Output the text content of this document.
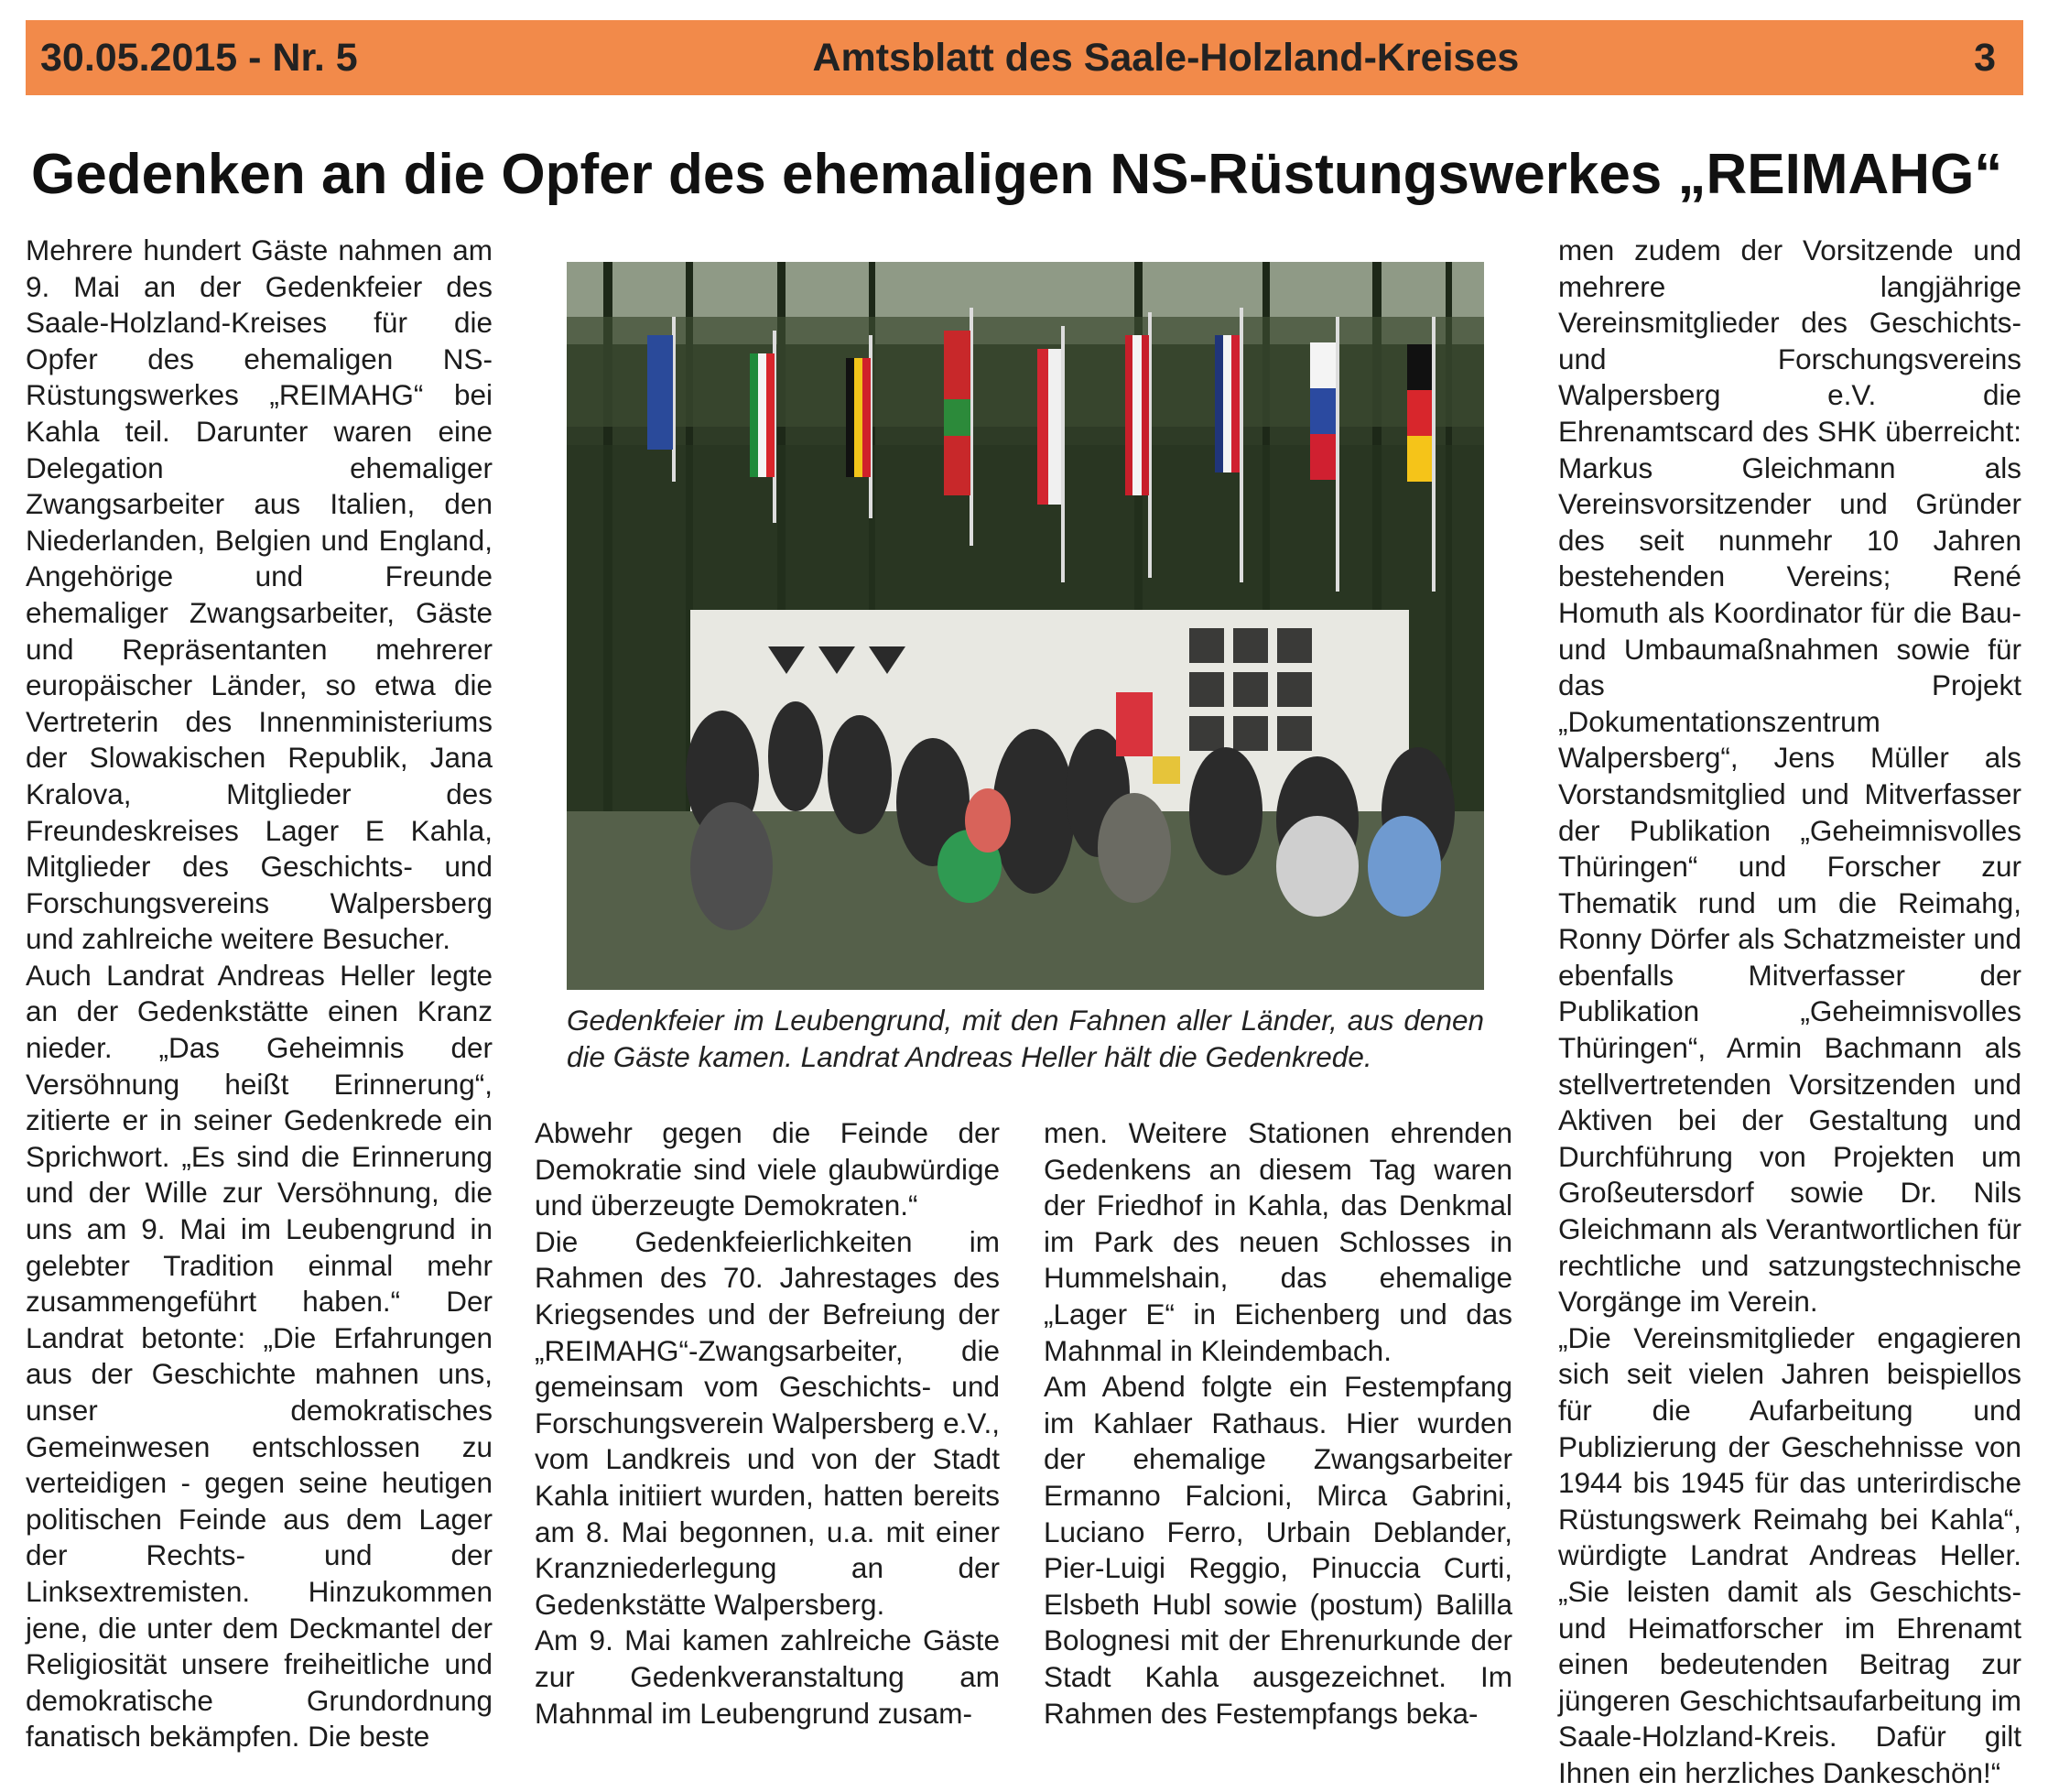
30.05.2015 - Nr. 5	Amtsblatt des Saale-Holzland-Kreises	3
Gedenken an die Opfer des ehemaligen NS-Rüstungswerkes „REIMAHG“

Mehrere hundert Gäste nahmen am 9. Mai an der Gedenkfeier des Saale-Holzland-Kreises für die Opfer des ehemaligen NS-Rüstungswerkes „REIMAHG“ bei Kahla teil. Darunter waren eine Delegation ehemaliger Zwangsarbeiter aus Italien, den Niederlanden, Belgien und England, Angehörige und Freunde ehemaliger Zwangsarbeiter, Gäste und Repräsentanten mehrerer europäischer Länder, so etwa die Vertreterin des Innenministeriums der Slowakischen Republik, Jana Kralova, Mitglieder des Freundeskreises Lager E Kahla, Mitglieder des Geschichts- und Forschungsvereins Walpersberg und zahlreiche weitere Besucher.

Auch Landrat Andreas Heller legte an der Gedenkstätte einen Kranz nieder. „Das Geheimnis der Versöhnung heißt Erinnerung“, zitierte er in seiner Gedenkrede ein Sprichwort. „Es sind die Erinnerung und der Wille zur Versöhnung, die uns am 9. Mai im Leubengrund in gelebter Tradition einmal mehr zusammengeführt haben.“ Der Landrat betonte: „Die Erfahrungen aus der Geschichte mahnen uns, unser demokratisches Gemeinwesen entschlossen zu verteidigen - gegen seine heutigen politischen Feinde aus dem Lager der Rechts- und der Linksextremisten. Hinzukommen jene, die unter dem Deckmantel der Religiosität unsere freiheitliche und demokratische Grundordnung fanatisch bekämpfen. Die beste

Gedenkfeier im Leubengrund, mit den Fahnen aller Länder, aus denen die Gäste kamen. Landrat Andreas Heller hält die Gedenkrede.

Abwehr gegen die Feinde der Demokratie sind viele glaubwürdige und überzeugte Demokraten.“

Die Gedenkfeierlichkeiten im Rahmen des 70. Jahrestages des Kriegsendes und der Befreiung der „REIMAHG“-Zwangsarbeiter, die gemeinsam vom Geschichts- und Forschungsverein Walpersberg e.V., vom Landkreis und von der Stadt Kahla initiiert wurden, hatten bereits am 8. Mai begonnen, u.a. mit einer Kranzniederlegung an der Gedenkstätte Walpersberg.

Am 9. Mai kamen zahlreiche Gäste zur Gedenkveranstaltung am Mahnmal im Leubengrund zusam-

men. Weitere Stationen ehrenden Gedenkens an diesem Tag waren der Friedhof in Kahla, das Denkmal im Park des neuen Schlosses in Hummelshain, das ehemalige „Lager E“ in Eichenberg und das Mahnmal in Kleindembach.

Am Abend folgte ein Festempfang im Kahlaer Rathaus. Hier wurden der ehemalige Zwangsarbeiter Ermanno Falcioni, Mirca Gabrini, Luciano Ferro, Urbain Deblander, Pier-Luigi Reggio, Pinuccia Curti, Elsbeth Hubl sowie (postum) Balilla Bolognesi mit der Ehrenurkunde der Stadt Kahla ausgezeichnet. Im Rahmen des Festempfangs beka-

men zudem der Vorsitzende und mehrere langjährige Vereinsmitglieder des Geschichts- und Forschungsvereins Walpersberg e.V. die Ehrenamtscard des SHK überreicht: Markus Gleichmann als Vereinsvorsitzender und Gründer des seit nunmehr 10 Jahren bestehenden Vereins; René Homuth als Koordinator für die Bau- und Umbaumaßnahmen sowie für das Projekt „Dokumentationszentrum Walpersberg“, Jens Müller als Vorstandsmitglied und Mitverfasser der Publikation „Geheimnisvolles Thüringen“ und Forscher zur Thematik rund um die Reimahg, Ronny Dörfer als Schatzmeister und ebenfalls Mitverfasser der Publikation „Geheimnisvolles Thüringen“, Armin Bachmann als stellvertretenden Vorsitzenden und Aktiven bei der Gestaltung und Durchführung von Projekten um Großeutersdorf sowie Dr. Nils Gleichmann als Verantwortlichen für rechtliche und satzungstechnische Vorgänge im Verein.

„Die Vereinsmitglieder engagieren sich seit vielen Jahren beispiellos für die Aufarbeitung und Publizierung der Geschehnisse von 1944 bis 1945 für das unterirdische Rüstungswerk Reimahg bei Kahla“, würdigte Landrat Andreas Heller. „Sie leisten damit als Geschichts- und Heimatforscher im Ehrenamt einen bedeutenden Beitrag zur jüngeren Geschichtsaufarbeitung im Saale-Holzland-Kreis. Dafür gilt Ihnen ein herzliches Dankeschön!“
